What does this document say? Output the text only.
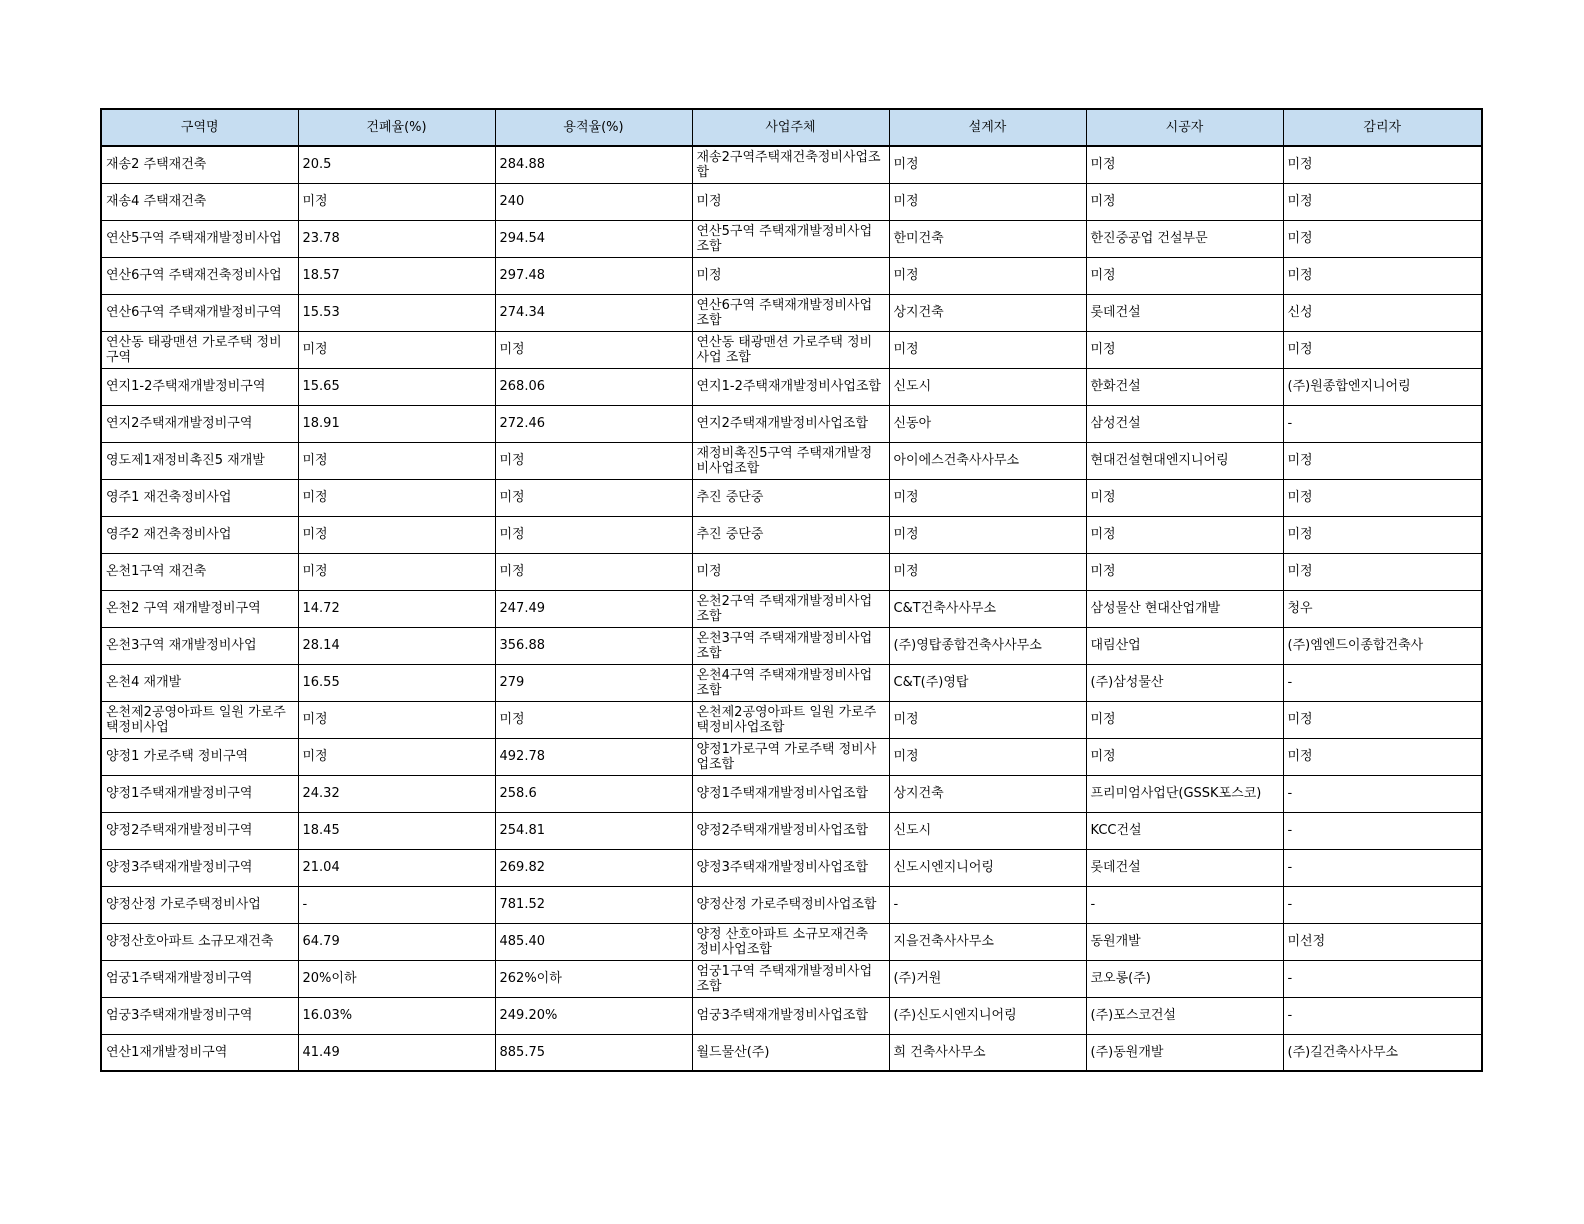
구역명	건폐율(%)	용적율(%)	사업주체	설계자	시공자	감리자
재송2 주택재건축	20.5	284.88	재송2구역주택재건축정비사업조합	미정	미정	미정
재송4 주택재건축	미정	240	미정	미정	미정	미정
연산5구역 주택재개발정비사업	23.78	294.54	연산5구역 주택재개발정비사업조합	한미건축	한진중공업 건설부문	미정
연산6구역 주택재건축정비사업	18.57	297.48	미정	미정	미정	미정
연산6구역 주택재개발정비구역	15.53	274.34	연산6구역 주택재개발정비사업조합	상지건축	롯데건설	신성
연산동 태광맨션 가로주택 정비구역	미정	미정	연산동 태광맨션 가로주택 정비사업 조합	미정	미정	미정
연지1-2주택재개발정비구역	15.65	268.06	연지1-2주택재개발정비사업조합	신도시	한화건설	(주)원종합엔지니어링
연지2주택재개발정비구역	18.91	272.46	연지2주택재개발정비사업조합	신동아	삼성건설	-
영도제1재정비촉진5 재개발	미정	미정	재정비촉진5구역 주택재개발정비사업조합	아이에스건축사사무소	현대건설현대엔지니어링	미정
영주1 재건축정비사업	미정	미정	추진 중단중	미정	미정	미정
영주2 재건축정비사업	미정	미정	추진 중단중	미정	미정	미정
온천1구역 재건축	미정	미정	미정	미정	미정	미정
온천2 구역 재개발정비구역	14.72	247.49	온천2구역 주택재개발정비사업조합	C&T건축사사무소	삼성물산 현대산업개발	청우
온천3구역 재개발정비사업	28.14	356.88	온천3구역 주택재개발정비사업조합	(주)영탑종합건축사사무소	대림산업	(주)엠엔드이종합건축사
온천4 재개발	16.55	279	온천4구역 주택재개발정비사업조합	C&T(주)영탑	(주)삼성물산	-
온천제2공영아파트 일원 가로주택정비사업	미정	미정	온천제2공영아파트 일원 가로주택정비사업조합	미정	미정	미정
양정1 가로주택 정비구역	미정	492.78	양정1가로구역 가로주택 정비사업조합	미정	미정	미정
양정1주택재개발정비구역	24.32	258.6	양정1주택재개발정비사업조합	상지건축	프리미엄사업단(GSSK포스코)	-
양정2주택재개발정비구역	18.45	254.81	양정2주택재개발정비사업조합	신도시	KCC건설	-
양정3주택재개발정비구역	21.04	269.82	양정3주택재개발정비사업조합	신도시엔지니어링	롯데건설	-
양정산정 가로주택정비사업	-	781.52	양정산정 가로주택정비사업조합	-	-	-
양정산호아파트 소규모재건축	64.79	485.40	양정 산호아파트 소규모재건축 정비사업조합	지을건축사사무소	동원개발	미선정
엄궁1주택재개발정비구역	20%이하	262%이하	엄궁1구역 주택재개발정비사업조합	(주)거원	코오롱(주)	-
엄궁3주택재개발정비구역	16.03%	249.20%	엄궁3주택재개발정비사업조합	(주)신도시엔지니어링	(주)포스코건설	-
연산1재개발정비구역	41.49	885.75	월드물산(주)	희 건축사사무소	(주)동원개발	(주)길건축사사무소
